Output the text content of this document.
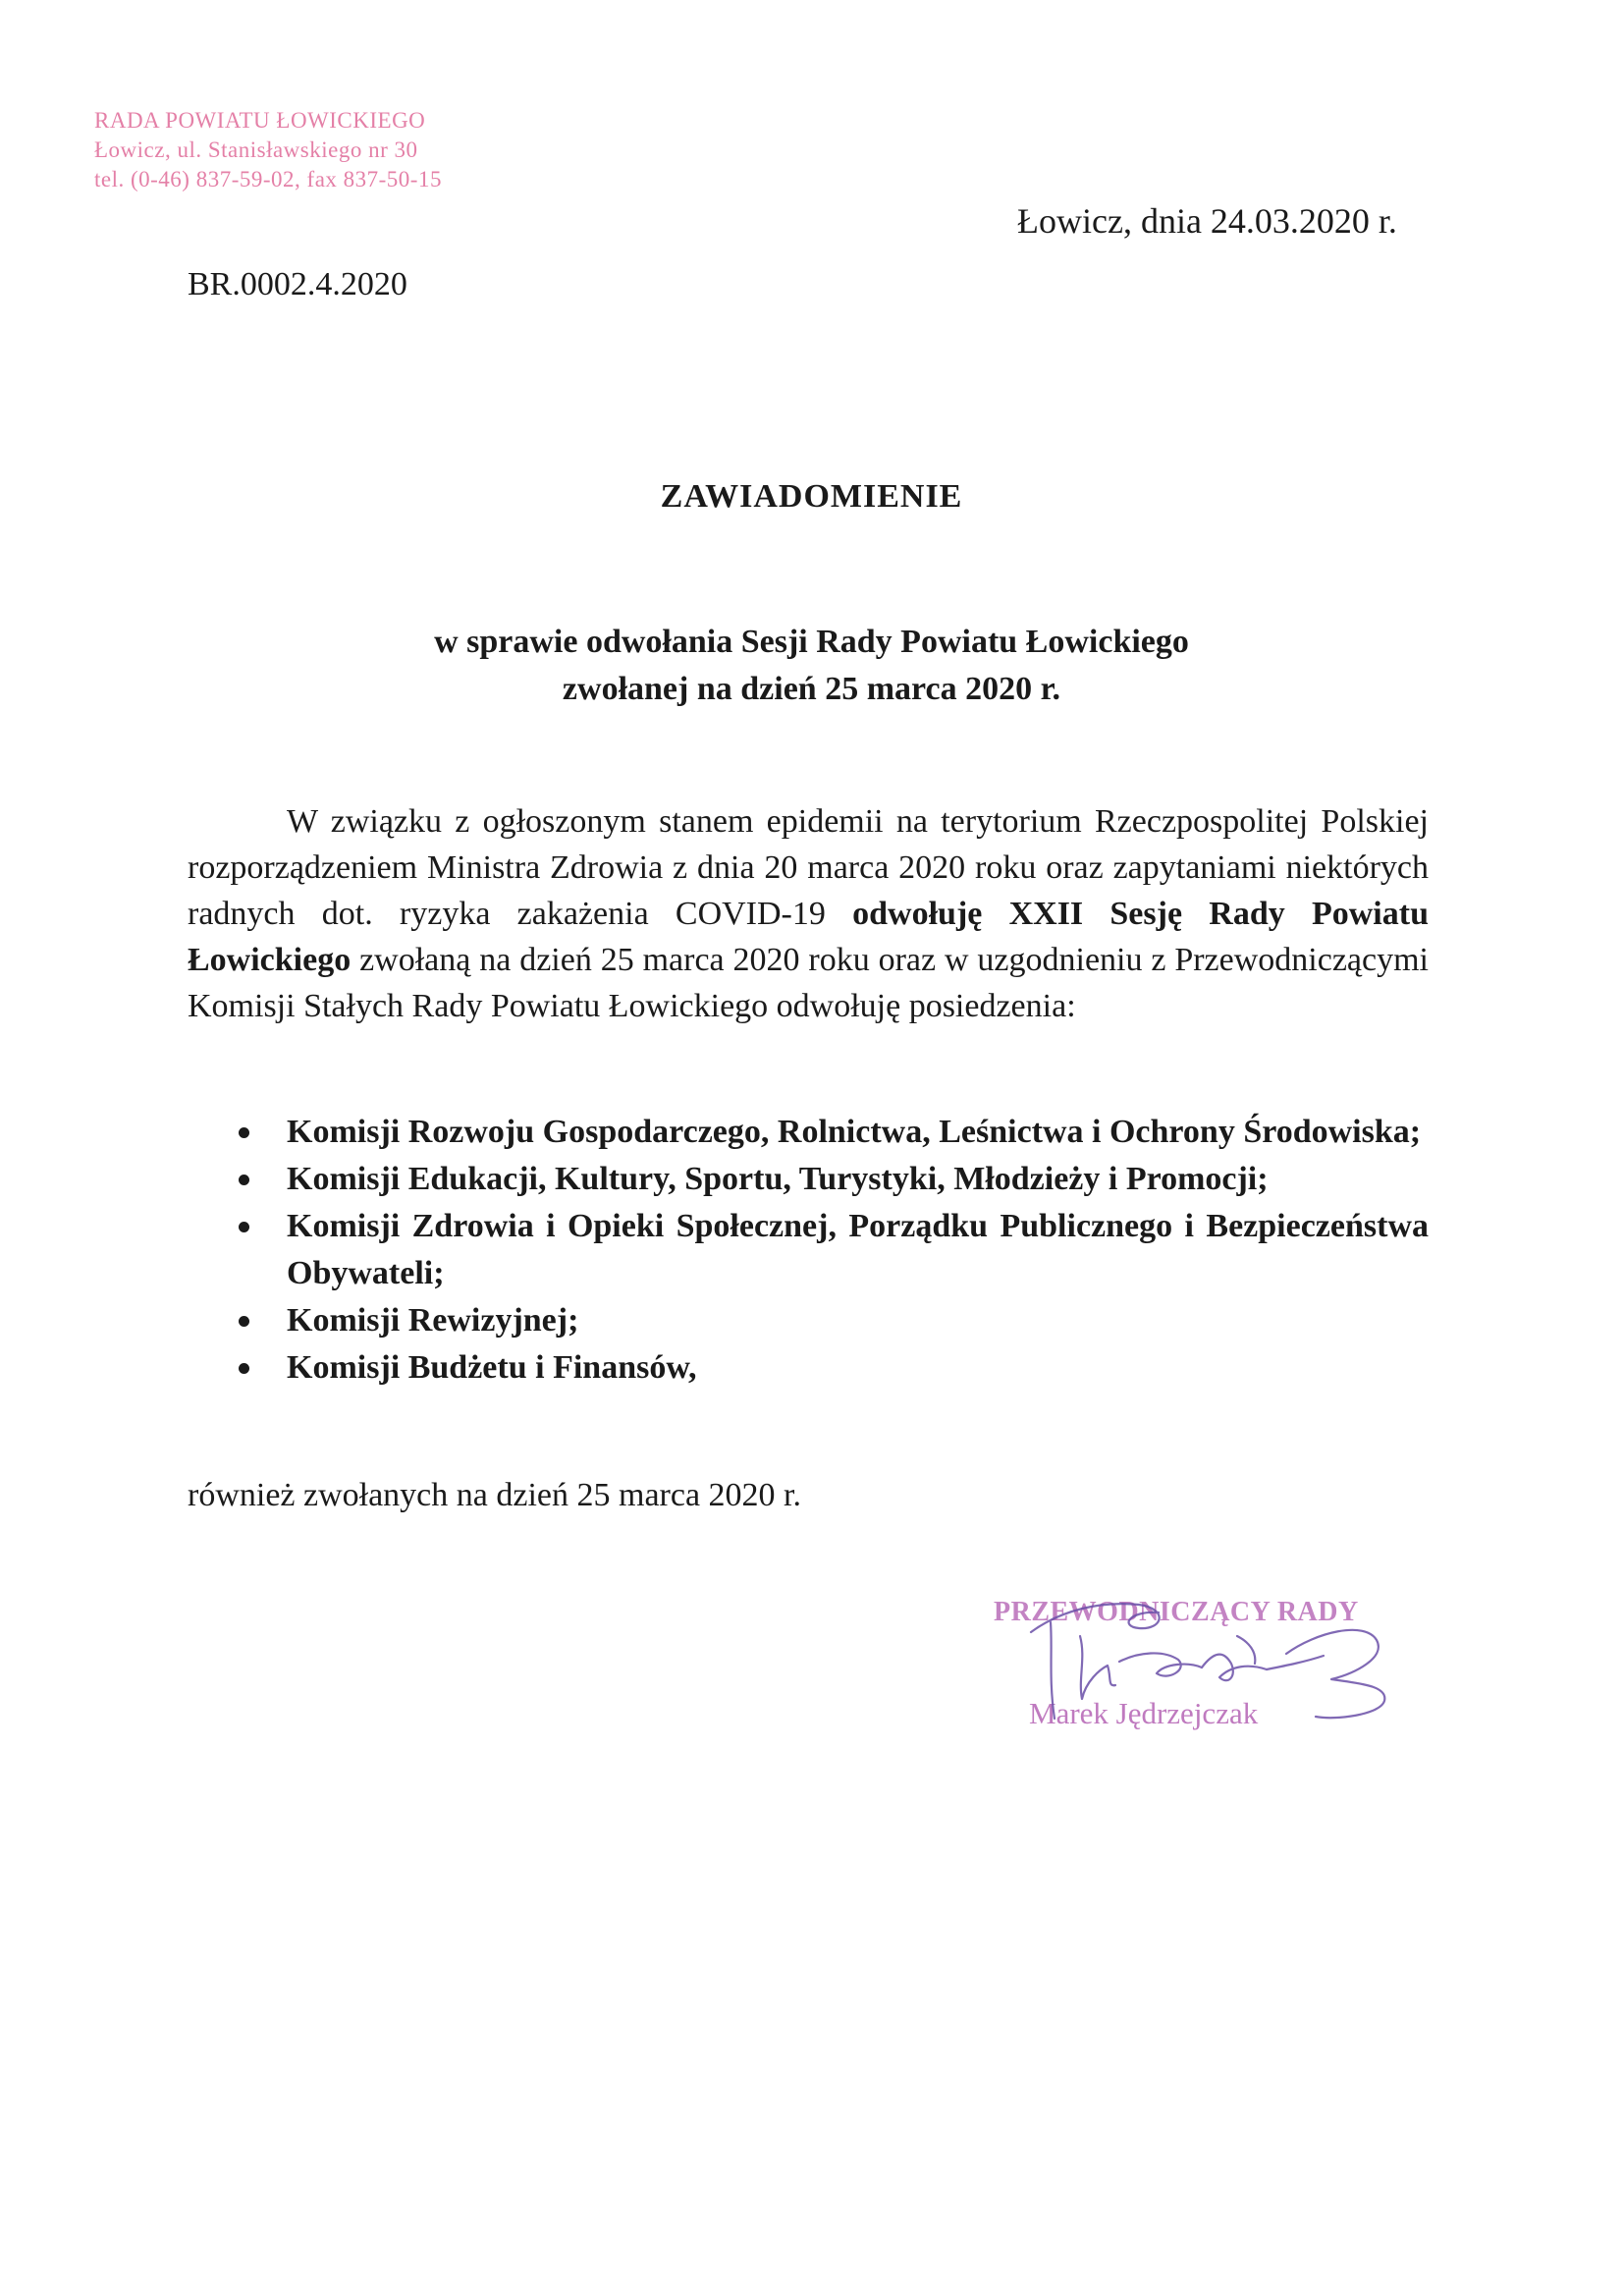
RADA POWIATU ŁOWICKIEGO
Łowicz, ul. Stanisławskiego nr 30
tel. (0-46) 837-59-02, fax 837-50-15
Łowicz, dnia 24.03.2020 r.
BR.0002.4.2020
ZAWIADOMIENIE
w sprawie odwołania Sesji Rady Powiatu Łowickiego
zwołanej na dzień 25 marca 2020 r.

W związku z ogłoszonym stanem epidemii na terytorium Rzeczpospolitej Polskiej rozporządzeniem Ministra Zdrowia z dnia 20 marca 2020 roku oraz zapytaniami niektórych radnych dot. ryzyka zakażenia COVID-19 odwołuję XXII Sesję Rady Powiatu Łowickiego zwołaną na dzień 25 marca 2020 roku oraz w uzgodnieniu z Przewodniczącymi Komisji Stałych Rady Powiatu Łowickiego odwołuję posiedzenia:

Komisji Rozwoju Gospodarczego, Rolnictwa, Leśnictwa i Ochrony Środowiska;
Komisji Edukacji, Kultury, Sportu, Turystyki, Młodzieży i Promocji;
Komisji Zdrowia i Opieki Społecznej, Porządku Publicznego i Bezpieczeństwa Obywateli;
Komisji Rewizyjnej;
Komisji Budżetu i Finansów,
również zwołanych na dzień 25 marca 2020 r.
PRZEWODNICZĄCY RADY
Marek Jędrzejczak
